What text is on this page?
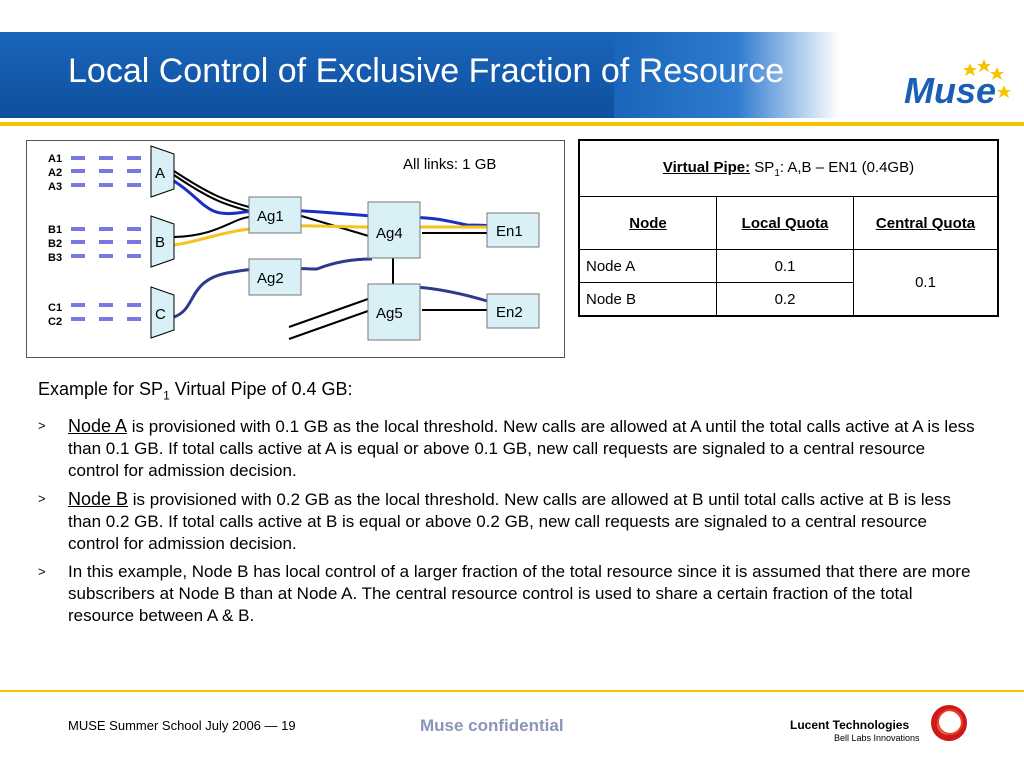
Local Control of Exclusive Fraction of Resource	Muse
A1
A2
A3
B1
B2
B3
C1
C2
All links: 1 GB
A
B
C
Ag1
Ag2
Ag4
Ag5
En1
En2
Virtual Pipe: $SP_1$: A,B – EN1 (0.4GB)		
Node	Local Quota	Central Quota
Node A	0.1	0.1
Node B	0.2	

Example for $SP_1$ Virtual Pipe of 0.4 GB:

> Node A is provisioned with 0.1 GB as the local threshold. New calls are allowed at A until the total calls active at A is less than 0.1 GB. If total calls active at A is equal or above 0.1 GB, new call requests are signaled to a central resource control for admission decision.

> Node B is provisioned with 0.2 GB as the local threshold. New calls are allowed at B until total calls active at B is less than 0.2 GB. If total calls active at B is equal or above 0.2 GB, new call requests are signaled to a central resource control for admission decision.

> In this example, Node B has local control of a larger fraction of the total resource since it is assumed that there are more subscribers at Node B than at Node A. The central resource control is used to share a certain fraction of the total resource between A & B.

MUSE Summer School July 2006 — 19	Muse confidential	Lucent Technologies
Bell Labs Innovations
